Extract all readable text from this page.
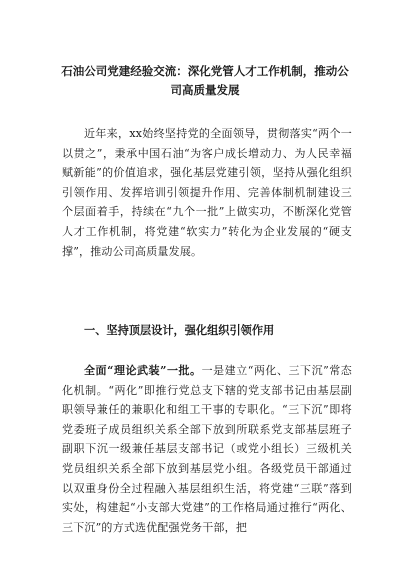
石油公司党建经验交流：深化党管人才工作机制，推动公
司高质量发展

近年来，xx始终坚持党的全面领导，贯彻落实“两个一以贯之”，秉承中国石油“为客户成长增动力、为人民幸福赋新能”的价值追求，强化基层党建引领，坚持从强化组织引领作用、发挥培训引领提升作用、完善体制机制建设三个层面着手，持续在“九个一批”上做实功，不断深化党管人才工作机制，将党建“软实力”转化为企业发展的“硬支撑”，推动公司高质量发展。

一、坚持顶层设计，强化组织引领作用

全面“理论武装”一批。一是建立“两化、三下沉”常态化机制。“两化”即推行党总支下辖的党支部书记由基层副职领导兼任的兼职化和组工干事的专职化。“三下沉”即将党委班子成员组织关系全部下放到所联系党支部基层班子副职下沉一级兼任基层支部书记（或党小组长）三级机关党员组织关系全部下放到基层党小组。各级党员干部通过以双重身份全过程融入基层组织生活，将党建“三联”落到实处，构建起“小支部大党建”的工作格局通过推行“两化、三下沉”的方式选优配强党务干部，把
